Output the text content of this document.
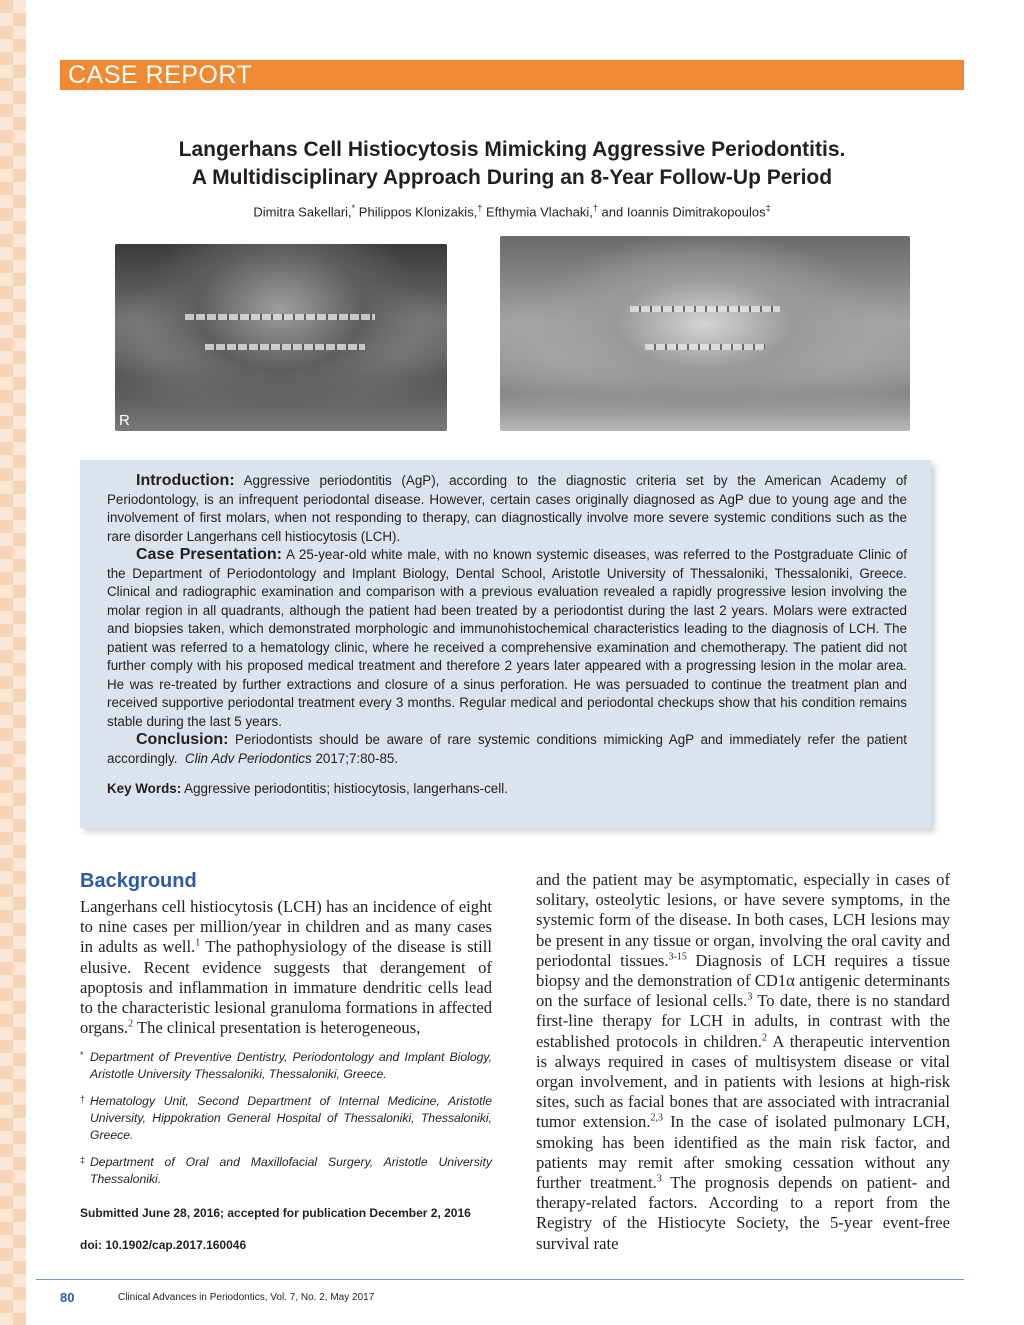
CASE REPORT
Langerhans Cell Histiocytosis Mimicking Aggressive Periodontitis.
A Multidisciplinary Approach During an 8-Year Follow-Up Period
Dimitra Sakellari,* Philippos Klonizakis,† Efthymia Vlachaki,† and Ioannis Dimitrakopoulos‡
R

Introduction: Aggressive periodontitis (AgP), according to the diagnostic criteria set by the American Academy of Periodontology, is an infrequent periodontal disease. However, certain cases originally diagnosed as AgP due to young age and the involvement of first molars, when not responding to therapy, can diagnostically involve more severe systemic conditions such as the rare disorder Langerhans cell histiocytosis (LCH).

Case Presentation: A 25-year-old white male, with no known systemic diseases, was referred to the Postgraduate Clinic of the Department of Periodontology and Implant Biology, Dental School, Aristotle University of Thessaloniki, Thessaloniki, Greece. Clinical and radiographic examination and comparison with a previous evaluation revealed a rapidly progressive lesion involving the molar region in all quadrants, although the patient had been treated by a periodontist during the last 2 years. Molars were extracted and biopsies taken, which demonstrated morphologic and immunohistochemical characteristics leading to the diagnosis of LCH. The patient was referred to a hematology clinic, where he received a comprehensive examination and chemotherapy. The patient did not further comply with his proposed medical treatment and therefore 2 years later appeared with a progressing lesion in the molar area. He was re-treated by further extractions and closure of a sinus perforation. He was persuaded to continue the treatment plan and received supportive periodontal treatment every 3 months. Regular medical and periodontal checkups show that his condition remains stable during the last 5 years.

Conclusion: Periodontists should be aware of rare systemic conditions mimicking AgP and immediately refer the patient accordingly. Clin Adv Periodontics 2017;7:80-85.

Key Words: Aggressive periodontitis; histiocytosis, langerhans-cell.

Background

Langerhans cell histiocytosis (LCH) has an incidence of eight to nine cases per million/year in children and as many cases in adults as well.$^1$ The pathophysiology of the disease is still elusive. Recent evidence suggests that derangement of apoptosis and inflammation in immature dendritic cells lead to the characteristic lesional granuloma formations in affected organs.$^2$ The clinical presentation is heterogeneous,

* Department of Preventive Dentistry, Periodontology and Implant Biology, Aristotle University Thessaloniki, Thessaloniki, Greece.
† Hematology Unit, Second Department of Internal Medicine, Aristotle University, Hippokration General Hospital of Thessaloniki, Thessaloniki, Greece.
‡ Department of Oral and Maxillofacial Surgery, Aristotle University Thessaloniki.
Submitted June 28, 2016; accepted for publication December 2, 2016
doi: 10.1902/cap.2017.160046

and the patient may be asymptomatic, especially in cases of solitary, osteolytic lesions, or have severe symptoms, in the systemic form of the disease. In both cases, LCH lesions may be present in any tissue or organ, involving the oral cavity and periodontal tissues.$^{3-15}$ Diagnosis of LCH requires a tissue biopsy and the demonstration of CD1α antigenic determinants on the surface of lesional cells.$^3$ To date, there is no standard first-line therapy for LCH in adults, in contrast with the established protocols in children.$^2$ A therapeutic intervention is always required in cases of multisystem disease or vital organ involvement, and in patients with lesions at high-risk sites, such as facial bones that are associated with intracranial tumor extension.$^{2,3}$ In the case of isolated pulmonary LCH, smoking has been identified as the main risk factor, and patients may remit after smoking cessation without any further treatment.$^3$ The prognosis depends on patient- and therapy-related factors. According to a report from the Registry of the Histiocyte Society, the 5-year event-free survival rate

80	Clinical Advances in Periodontics, Vol. 7, No. 2, May 2017
